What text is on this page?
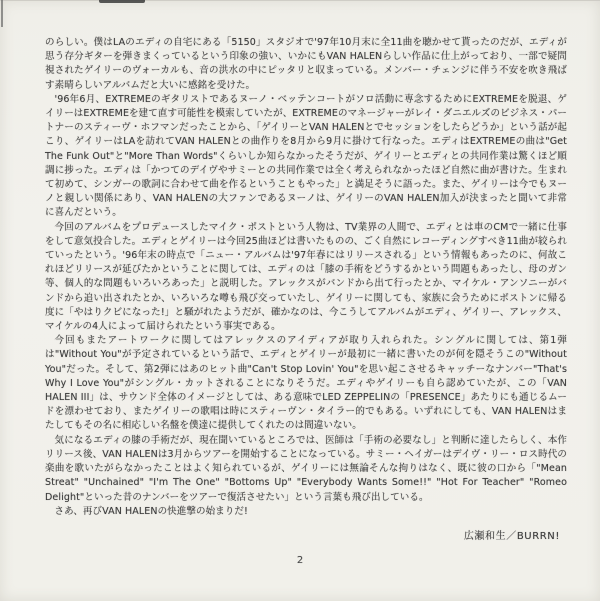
のらしい。僕はLAのエディの自宅にある「5150」スタジオで'97年10月末に全11曲を聴かせて貰ったのだが、エディが思う存分ギターを弾きまくっているという印象の強い、いかにもVAN HALENらしい作品に仕上がっており、一部で疑問視されたゲイリーのヴォーカルも、音の洪水の中にピッタリと収まっている。メンバー・チェンジに伴う不安を吹き飛ばす素晴らしいアルバムだと大いに感銘を受けた。

'96年6月、EXTREMEのギタリストであるヌーノ・ベッテンコートがソロ活動に専念するためにEXTREMEを脱退、ゲイリーはEXTREMEを建て直す可能性を模索していたが、EXTREMEのマネージャーがレイ・ダニエルズのビジネス・パートナーのスティーヴ・ホフマンだったことから、「ゲイリーとVAN HALENとでセッションをしたらどうか」という話が起こり、ゲイリーはLAを訪れてVAN HALENとの曲作りを8月から9月に掛けて行なった。エディはEXTREMEの曲は"Get The Funk Out"と"More Than Words"くらいしか知らなかったそうだが、ゲイリーとエディとの共同作業は驚くほど順調に捗った。エディは「かつてのデイヴやサミーとの共同作業では全く考えられなかったほど自然に曲が書けた。生まれて初めて、シンガーの歌詞に合わせて曲を作るということもやった」と満足そうに語った。また、ゲイリーは今でもヌーノと親しい関係にあり、VAN HALENの大ファンであるヌーノは、ゲイリーのVAN HALEN加入が決まったと聞いて非常に喜んだという。

今回のアルバムをプロデュースしたマイク・ポストという人物は、TV業界の人間で、エディとは車のCMで一緒に仕事をして意気投合した。エディとゲイリーは今回25曲ほどは書いたものの、ごく自然にレコーディングすべき11曲が絞られていったという。'96年末の時点で「ニュー・アルバムは'97年春にはリリースされる」という情報もあったのに、何故これほどリリースが延びたかということに関しては、エディのは「膝の手術をどうするかという問題もあったし、母のガン等、個人的な問題もいろいろあった」と説明した。アレックスがバンドから出て行ったとか、マイケル・アンソニーがバンドから追い出されたとか、いろいろな噂も飛び交っていたし、ゲイリーに関しても、家族に会うためにボストンに帰る度に「やはりクビになった!」と騒がれたようだが、確かなのは、今こうしてアルバムがエディ、ゲイリー、アレックス、マイケルの4人によって届けられたという事実である。

今回もまたアートワークに関してはアレックスのアイディアが取り入れられた。シングルに関しては、第1弾は"Without You"が予定されているという話で、エディとゲイリーが最初に一緒に書いたのが何を隠そうこの"Without You"だった。そして、第2弾にはあのヒット曲"Can't Stop Lovin' You"を思い起こさせるキャッチーなナンバー"That's Why I Love You"がシングル・カットされることになりそうだ。エディやゲイリーも自ら認めていたが、この「VAN HALEN III」は、サウンド全体のイメージとしては、ある意味でLED ZEPPELINの「PRESENCE」あたりにも通じるムードを漂わせており、またゲイリーの歌唱は時にスティーヴン・タイラー的でもある。いずれにしても、VAN HALENはまたしてもその名に相応しい名盤を僕達に提供してくれたのは間違いない。

気になるエディの膝の手術だが、現在聞いているところでは、医師は「手術の必要なし」と判断に達したらしく、本作リリース後、VAN HALENは3月からツアーを開始することになっている。サミー・ヘイガーはデイヴ・リー・ロス時代の楽曲を歌いたがらなかったことはよく知られているが、ゲイリーには無論そんな拘りはなく、既に彼の口から「"Mean Streat" "Unchained" "I'm The One" "Bottoms Up" "Everybody Wants Some!!" "Hot For Teacher" "Romeo Delight"といった昔のナンバーをツアーで復活させたい」という言葉も飛び出している。

さあ、再びVAN HALENの快進撃の始まりだ!

広瀬和生／BURRN!
2
